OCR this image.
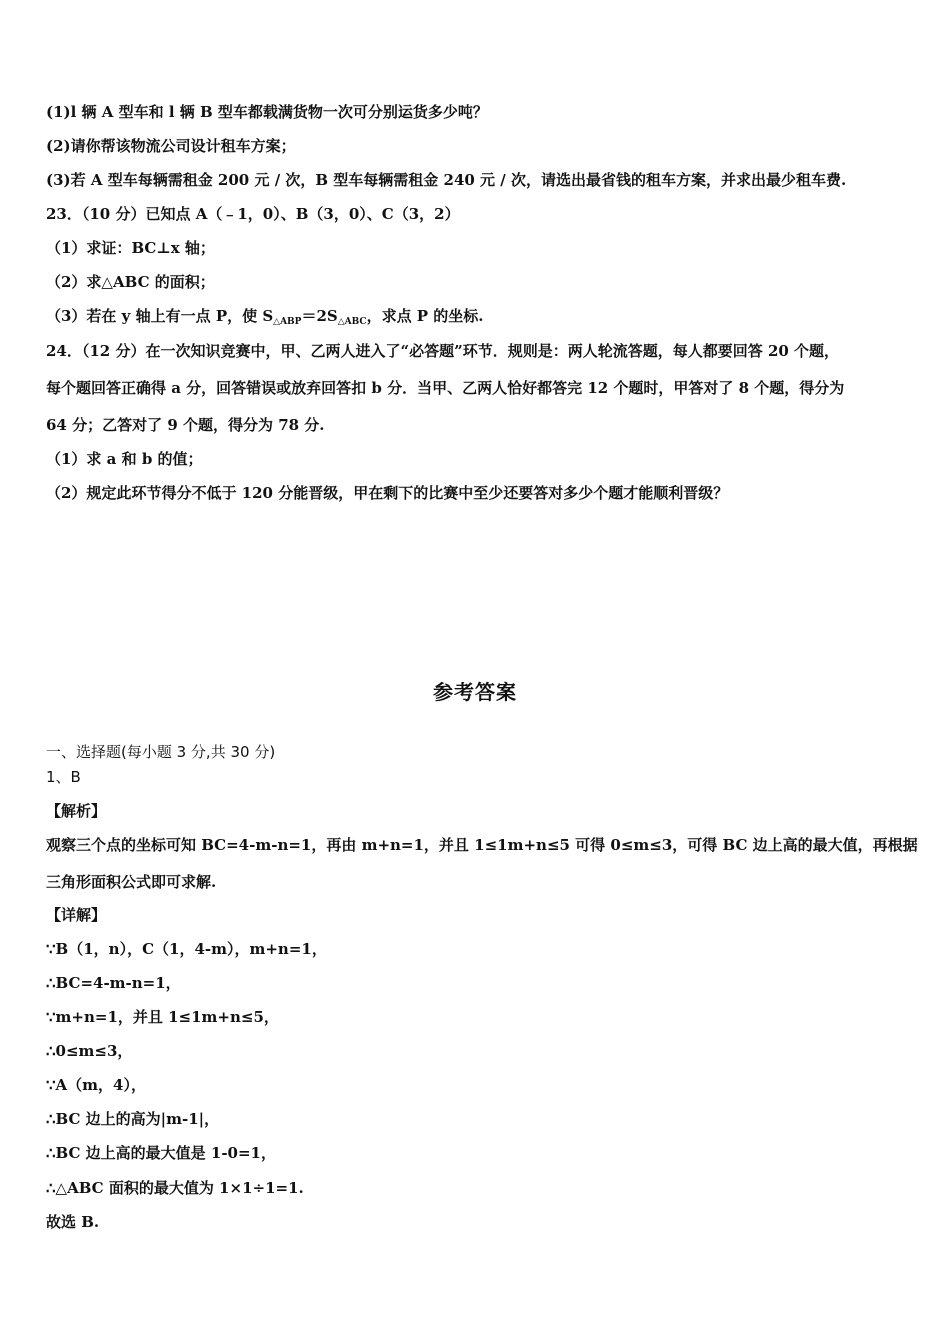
(1)l 辆 A 型车和 l 辆 B 型车都载满货物一次可分别运货多少吨？
(2)请你帮该物流公司设计租车方案；
(3)若 A 型车每辆需租金 200 元 / 次，B 型车每辆需租金 240 元 / 次，请选出最省钱的租车方案，并求出最少租车费.
23．（10 分）已知点 A（﹣1，0）、B（3，0）、C（3，2）
（1）求证：BC⊥x 轴；
（2）求△ABC 的面积；
（3）若在 y 轴上有一点 P，使 $S_{\triangle ABP}=2S_{\triangle ABC}$，求点 P 的坐标.
24．（12 分）在一次知识竞赛中，甲、乙两人进入了“必答题”环节．规则是：两人轮流答题，每人都要回答 20 个题，
每个题回答正确得 a 分，回答错误或放弃回答扣 b 分．当甲、乙两人恰好都答完 12 个题时，甲答对了 8 个题，得分为
64 分；乙答对了 9 个题，得分为 78 分.
（1）求 a 和 b 的值；
（2）规定此环节得分不低于 120 分能晋级，甲在剩下的比赛中至少还要答对多少个题才能顺利晋级？
参考答案
一、选择题(每小题 3 分,共 30 分)
1、B
【解析】
观察三个点的坐标可知 BC=4-m-n=1，再由 m+n=1，并且 1≤1m+n≤5 可得 0≤m≤3，可得 BC 边上高的最大值，再根据
三角形面积公式即可求解.
【详解】
∵B（1，n），C（1，4-m），m+n=1，
∴BC=4-m-n=1，
∵m+n=1，并且 1≤1m+n≤5，
∴0≤m≤3，
∵A（m，4），
∴BC 边上的高为|m-1|，
∴BC 边上高的最大值是 1-0=1，
∴△ABC 面积的最大值为 1×1÷1=1.
故选 B.
